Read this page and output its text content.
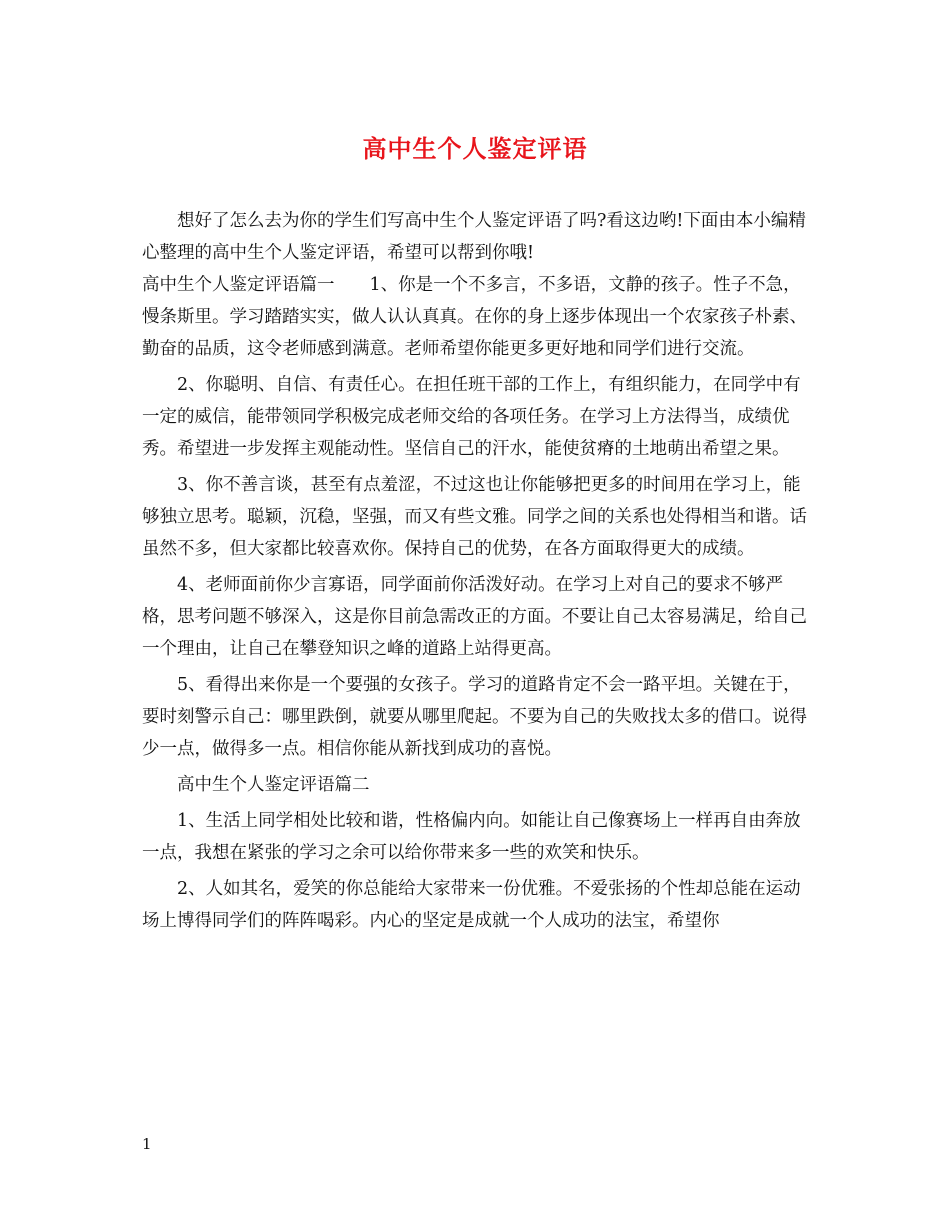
高中生个人鉴定评语

想好了怎么去为你的学生们写高中生个人鉴定评语了吗?看这边哟!下面由本小编精心整理的高中生个人鉴定评语，希望可以帮到你哦!

高中生个人鉴定评语篇一　　1、你是一个不多言，不多语，文静的孩子。性子不急，慢条斯里。学习踏踏实实，做人认认真真。在你的身上逐步体现出一个农家孩子朴素、勤奋的品质，这令老师感到满意。老师希望你能更多更好地和同学们进行交流。

2、你聪明、自信、有责任心。在担任班干部的工作上，有组织能力，在同学中有一定的威信，能带领同学积极完成老师交给的各项任务。在学习上方法得当，成绩优秀。希望进一步发挥主观能动性。坚信自己的汗水，能使贫瘠的土地萌出希望之果。

3、你不善言谈，甚至有点羞涩，不过这也让你能够把更多的时间用在学习上，能够独立思考。聪颖，沉稳，坚强，而又有些文雅。同学之间的关系也处得相当和谐。话虽然不多，但大家都比较喜欢你。保持自己的优势，在各方面取得更大的成绩。

4、老师面前你少言寡语，同学面前你活泼好动。在学习上对自己的要求不够严格，思考问题不够深入，这是你目前急需改正的方面。不要让自己太容易满足，给自己一个理由，让自己在攀登知识之峰的道路上站得更高。

5、看得出来你是一个要强的女孩子。学习的道路肯定不会一路平坦。关键在于，要时刻警示自己：哪里跌倒，就要从哪里爬起。不要为自己的失败找太多的借口。说得少一点，做得多一点。相信你能从新找到成功的喜悦。

高中生个人鉴定评语篇二

1、生活上同学相处比较和谐，性格偏内向。如能让自己像赛场上一样再自由奔放一点，我想在紧张的学习之余可以给你带来多一些的欢笑和快乐。

2、人如其名，爱笑的你总能给大家带来一份优雅。不爱张扬的个性却总能在运动场上博得同学们的阵阵喝彩。内心的坚定是成就一个人成功的法宝，希望你

1
